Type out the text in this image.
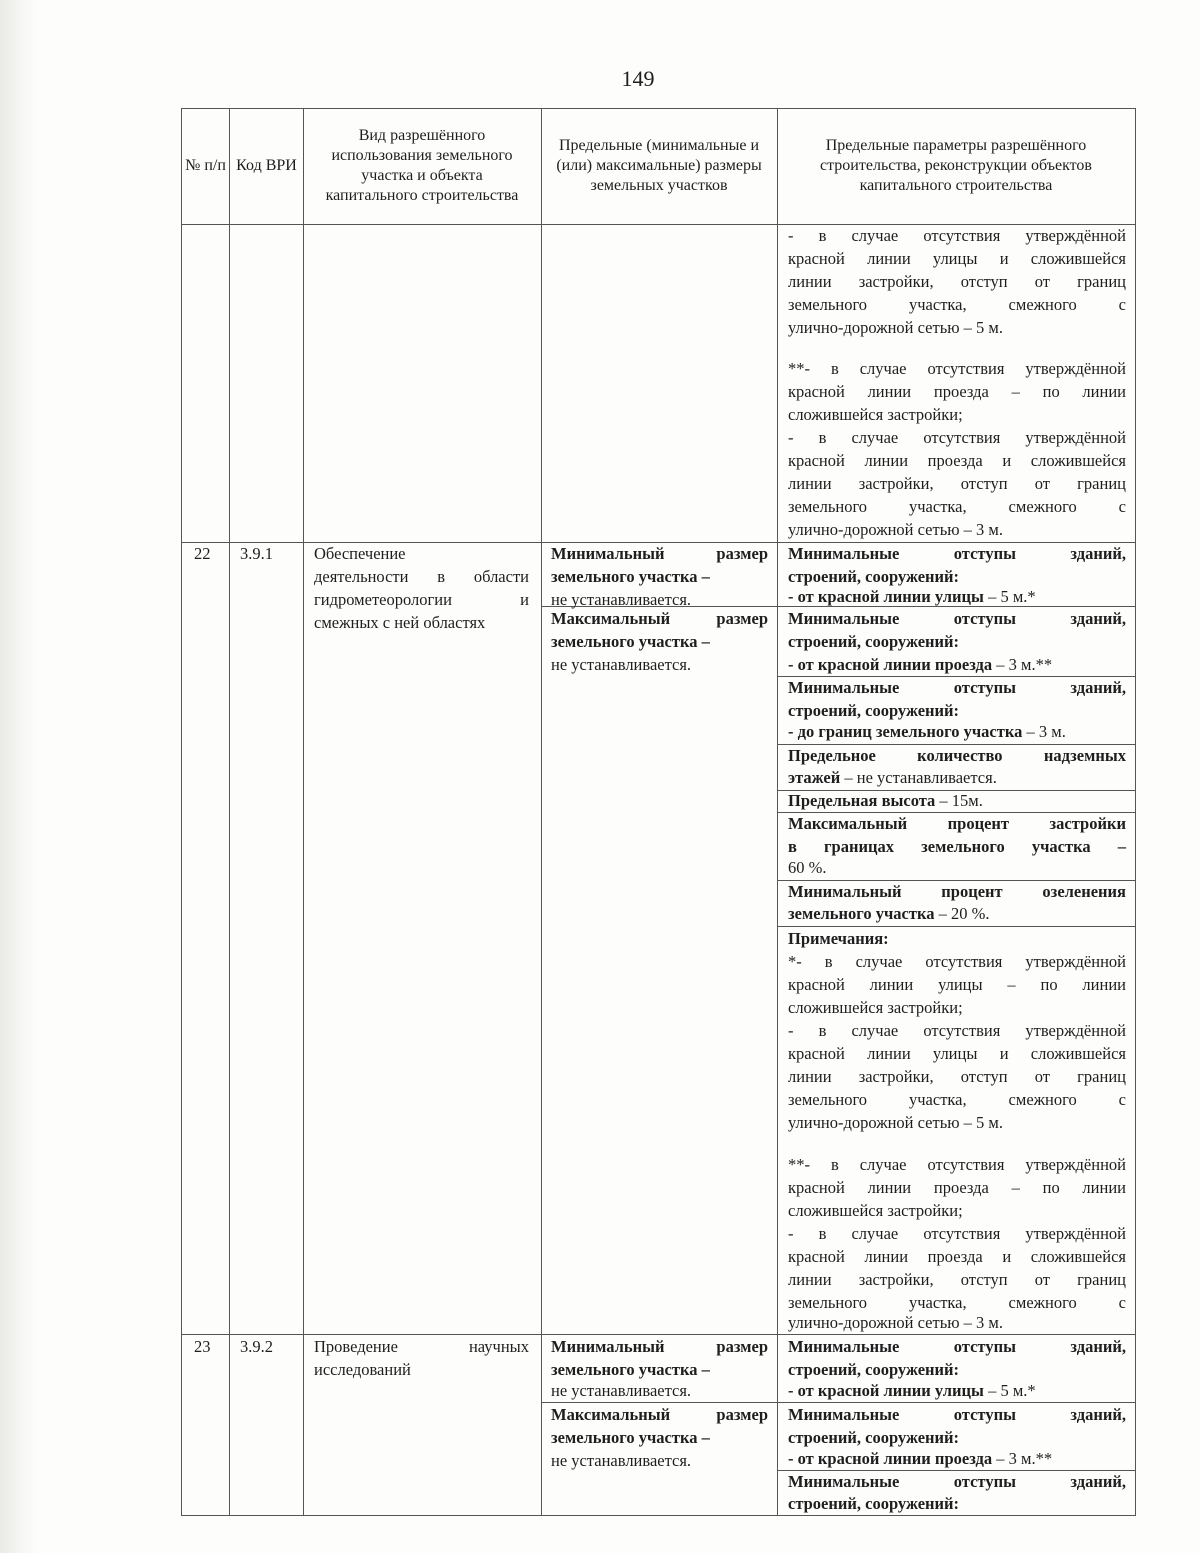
149
№ п/п Код ВРИ
Вид разрешённого использования земельного участка и объекта капитального строительства
Предельные (минимальные и (или) максимальные) размеры земельных участков
Предельные параметры разрешённого строительства, реконструкции объектов капитального строительства
- в случае отсутствия утверждённой
красной линии улицы и сложившейся
линии застройки, отступ от границ
земельного участка, смежного с
улично-дорожной сетью – 5 м.
**- в случае отсутствия утверждённой
красной линии проезда – по линии
сложившейся застройки;
- в случае отсутствия утверждённой
красной линии проезда и сложившейся
линии застройки, отступ от границ
земельного участка, смежного с
улично-дорожной сетью – 3 м.
22 3.9.1 Обеспечение
деятельности в области
гидрометеорологии и
смежных с ней областях
Минимальный размер
земельного участка –
не устанавливается.
Максимальный размер
земельного участка –
не устанавливается.
Минимальные отступы зданий,
строений, сооружений:
- от красной линии улицы – 5 м.*
Минимальные отступы зданий,
строений, сооружений:
- от красной линии проезда – 3 м.**
Минимальные отступы зданий,
строений, сооружений:
- до границ земельного участка – 3 м.
Предельное количество надземных
этажей – не устанавливается.
Предельная высота – 15м.
Максимальный процент застройки
в границах земельного участка –
60 %.
Минимальный процент озеленения
земельного участка – 20 %.
Примечания:
*- в случае отсутствия утверждённой
красной линии улицы – по линии
сложившейся застройки;
- в случае отсутствия утверждённой
красной линии улицы и сложившейся
линии застройки, отступ от границ
земельного участка, смежного с
улично-дорожной сетью – 5 м.
**- в случае отсутствия утверждённой
красной линии проезда – по линии
сложившейся застройки;
- в случае отсутствия утверждённой
красной линии проезда и сложившейся
линии застройки, отступ от границ
земельного участка, смежного с
улично-дорожной сетью – 3 м.
23 3.9.2 Проведение научных
исследований
Минимальный размер
земельного участка –
не устанавливается.
Максимальный размер
земельного участка –
не устанавливается.
Минимальные отступы зданий,
строений, сооружений:
- от красной линии улицы – 5 м.*
Минимальные отступы зданий,
строений, сооружений:
- от красной линии проезда – 3 м.**
Минимальные отступы зданий,
строений, сооружений:
